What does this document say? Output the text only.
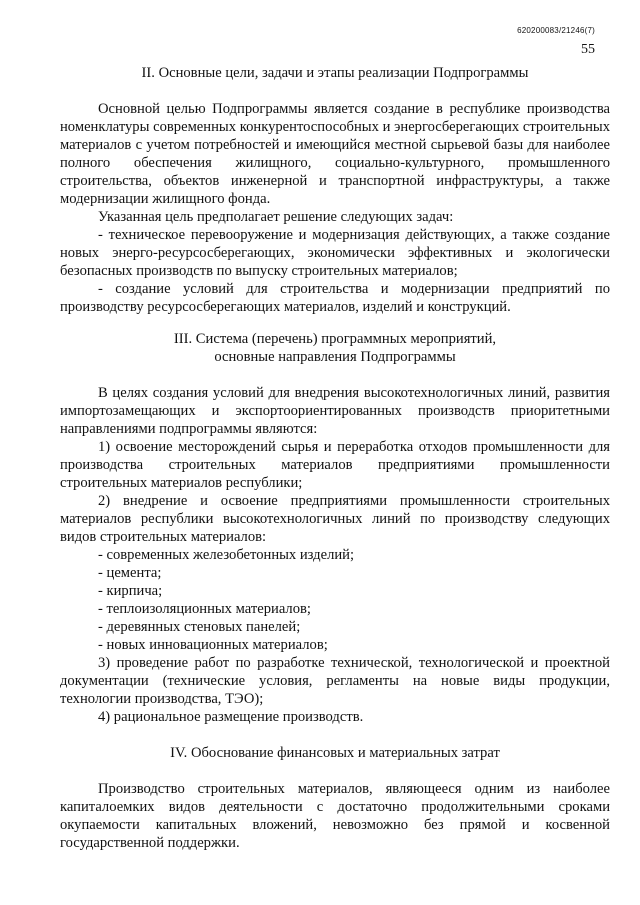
620200083/21246(7)
55
II. Основные цели, задачи и этапы реализации Подпрограммы

Основной целью Подпрограммы является создание в республике производства номенклатуры современных конкурентоспособных и энергосберегающих строительных материалов с учетом потребностей и имеющийся местной сырьевой базы для наиболее полного обеспечения жилищного, социально-культурного, промышленного строительства, объектов инженерной и транспортной инфраструктуры, а также модернизации жилищного фонда.

Указанная цель предполагает решение следующих задач:

- техническое перевооружение и модернизация действующих, а также создание новых энерго-ресурсосберегающих, экономически эффективных и экологически безопасных производств по выпуску строительных материалов;

- создание условий для строительства и модернизации предприятий по производству ресурсосберегающих материалов, изделий и конструкций.

III. Система (перечень) программных мероприятий,
основные направления Подпрограммы

В целях создания условий для внедрения высокотехнологичных линий, развития импортозамещающих и экспортоориентированных производств приоритетными направлениями подпрограммы являются:

1) освоение месторождений сырья и переработка отходов промышленности для производства строительных материалов предприятиями промышленности строительных материалов республики;

2) внедрение и освоение предприятиями промышленности строительных материалов республики высокотехнологичных линий по производству следующих видов строительных материалов:

- современных железобетонных изделий;

- цемента;

- кирпича;

- теплоизоляционных материалов;

- деревянных стеновых панелей;

- новых инновационных материалов;

3) проведение работ по разработке технической, технологической и проектной документации (технические условия, регламенты на новые виды продукции, технологии производства, ТЭО);

4) рациональное размещение производств.

IV. Обоснование финансовых и материальных затрат

Производство строительных материалов, являющееся одним из наиболее капиталоемких видов деятельности с достаточно продолжительными сроками окупаемости капитальных вложений, невозможно без прямой и косвенной государственной поддержки.
